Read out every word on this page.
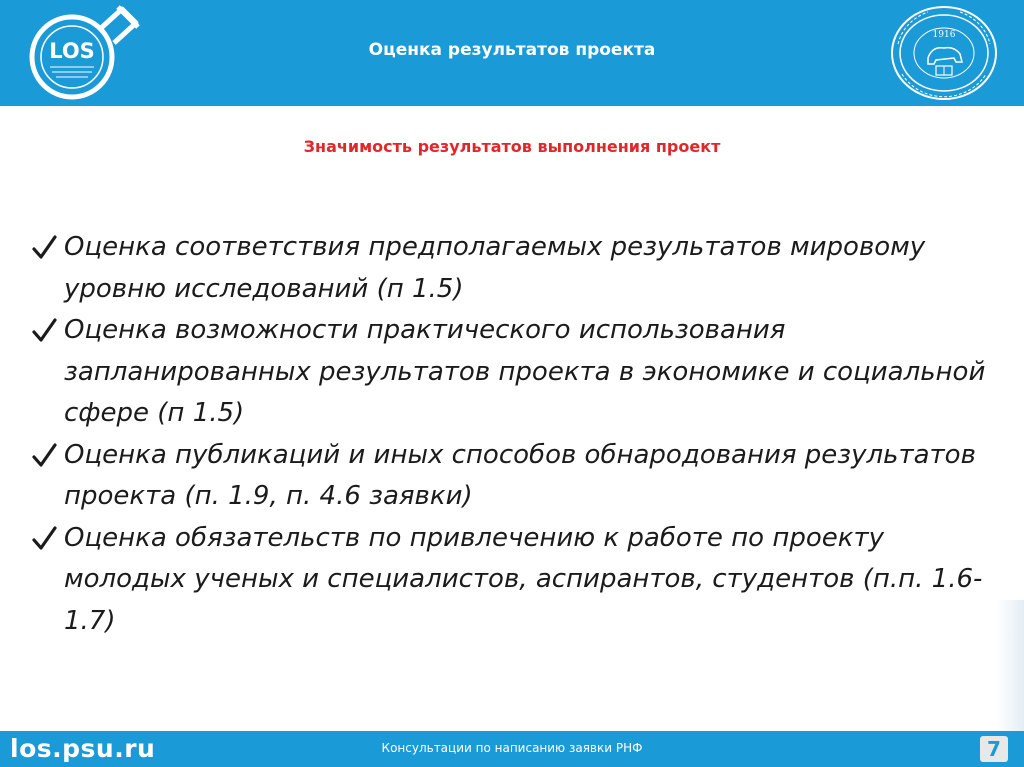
LOS	Оценка результатов проекта
1916
Значимость результатов выполнения проект
Оценка соответствия предполагаемых результатов мировому уровню исследований (п 1.5)
Оценка возможности практического использования запланированных результатов проекта в экономике и социальной сфере (п 1.5)
Оценка публикаций и иных способов обнародования результатов проекта (п. 1.9, п. 4.6 заявки)
Оценка обязательств по привлечению к работе по проекту молодых ученых и специалистов, аспирантов, студентов (п.п. 1.6-1.7)
los.psu.ru	Консультации по написанию заявки РНФ	7
